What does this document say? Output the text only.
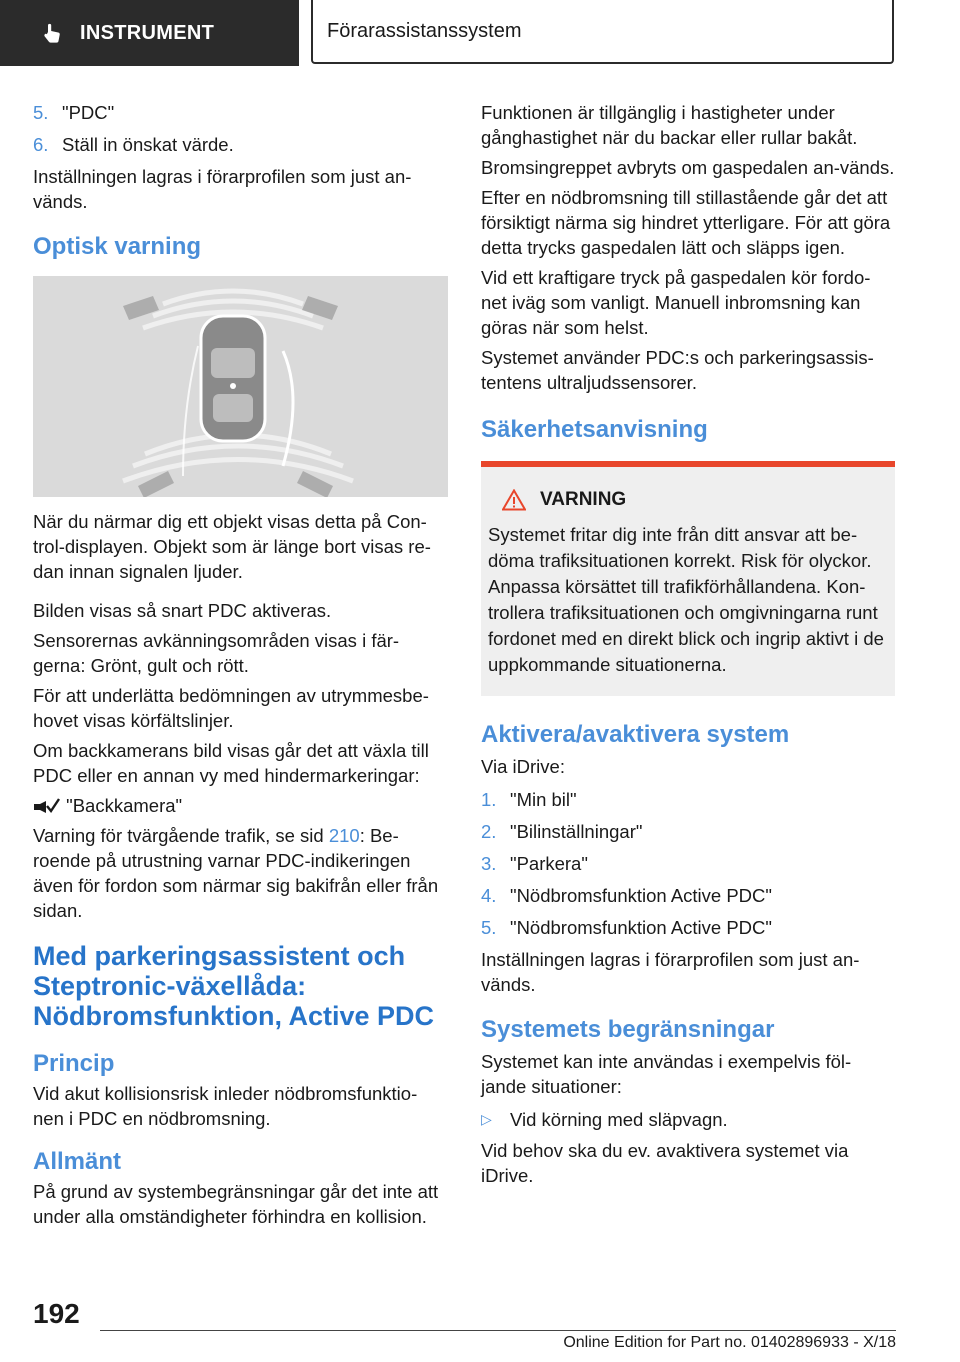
INSTRUMENT	Förarassistanssystem
5. "PDC"
6. Ställ in önskat värde.

Inställningen lagras i förarprofilen som just an-vänds.

Optisk varning

När du närmar dig ett objekt visas detta på Con-trol-displayen. Objekt som är länge bort visas re-dan innan signalen ljuder.

Bilden visas så snart PDC aktiveras.

Sensorernas avkänningsområden visas i fär-gerna: Grönt, gult och rött.

För att underlätta bedömningen av utrymmesbe-hovet visas körfältslinjer.

Om backkamerans bild visas går det att växla till PDC eller en annan vy med hindermarkeringar:

"Backkamera"

Varning för tvärgående trafik, se sid 210: Be-roende på utrustning varnar PDC-indikeringen även för fordon som närmar sig bakifrån eller från sidan.

Med parkeringsassistent och Steptronic-växellåda: Nödbromsfunktion, Active PDC
Princip

Vid akut kollisionsrisk inleder nödbromsfunktio-nen i PDC en nödbromsning.

Allmänt

På grund av systembegränsningar går det inte att under alla omständigheter förhindra en kollision.

Funktionen är tillgänglig i hastigheter under gånghastighet när du backar eller rullar bakåt.

Bromsingreppet avbryts om gaspedalen an-vänds.

Efter en nödbromsning till stillastående går det att försiktigt närma sig hindret ytterligare. För att göra detta trycks gaspedalen lätt och släpps igen.

Vid ett kraftigare tryck på gaspedalen kör fordo-net iväg som vanligt. Manuell inbromsning kan göras när som helst.

Systemet använder PDC:s och parkeringsassis-tentens ultraljudssensorer.

Säkerhetsanvisning
VARNING
Systemet fritar dig inte från ditt ansvar att be-döma trafiksituationen korrekt. Risk för olyckor. Anpassa körsättet till trafikförhållandena. Kon-trollera trafiksituationen och omgivningarna runt fordonet med en direkt blick och ingrip aktivt i de uppkommande situationerna.
Aktivera/avaktivera system

Via iDrive:

1. "Min bil"
2. "Bilinställningar"
3. "Parkera"
4. "Nödbromsfunktion Active PDC"
5. "Nödbromsfunktion Active PDC"

Inställningen lagras i förarprofilen som just an-vänds.

Systemets begränsningar

Systemet kan inte användas i exempelvis föl-jande situationer:

▷ Vid körning med släpvagn.

Vid behov ska du ev. avaktivera systemet via iDrive.

192
Online Edition for Part no. 01402896933 - X/18
